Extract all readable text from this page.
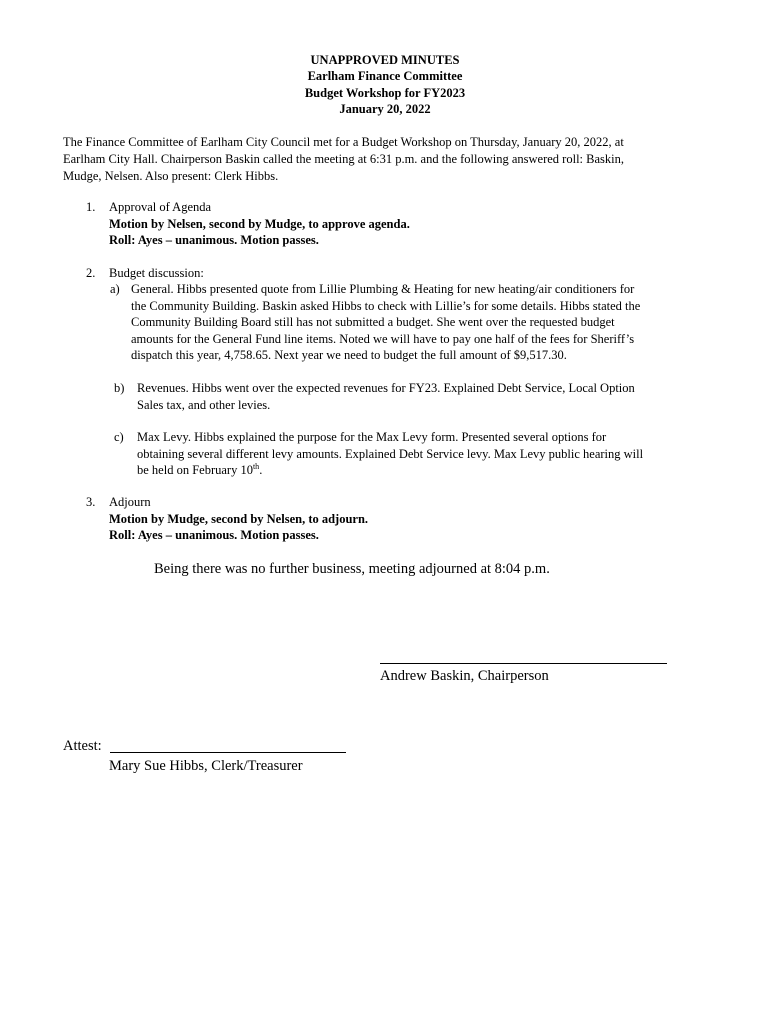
UNAPPROVED MINUTES
Earlham Finance Committee
Budget Workshop for FY2023
January 20, 2022
The Finance Committee of Earlham City Council met for a Budget Workshop on Thursday, January 20, 2022, at
Earlham City Hall. Chairperson Baskin called the meeting at 6:31 p.m. and the following answered roll: Baskin,
Mudge, Nelsen. Also present: Clerk Hibbs.
1. Approval of Agenda
Motion by Nelsen, second by Mudge, to approve agenda.
Roll: Ayes – unanimous. Motion passes.
2. Budget discussion:
a) General. Hibbs presented quote from Lillie Plumbing & Heating for new heating/air conditioners for
the Community Building. Baskin asked Hibbs to check with Lillie’s for some details. Hibbs stated the
Community Building Board still has not submitted a budget. She went over the requested budget
amounts for the General Fund line items. Noted we will have to pay one half of the fees for Sheriff’s
dispatch this year, 4,758.65. Next year we need to budget the full amount of $9,517.30.
b) Revenues. Hibbs went over the expected revenues for FY23. Explained Debt Service, Local Option
Sales tax, and other levies.
c) Max Levy. Hibbs explained the purpose for the Max Levy form. Presented several options for
obtaining several different levy amounts. Explained Debt Service levy. Max Levy public hearing will
be held on February 10th.
3. Adjourn
Motion by Mudge, second by Nelsen, to adjourn.
Roll: Ayes – unanimous. Motion passes.
Being there was no further business, meeting adjourned at 8:04 p.m.
Andrew Baskin, Chairperson
Attest:
Mary Sue Hibbs, Clerk/Treasurer
